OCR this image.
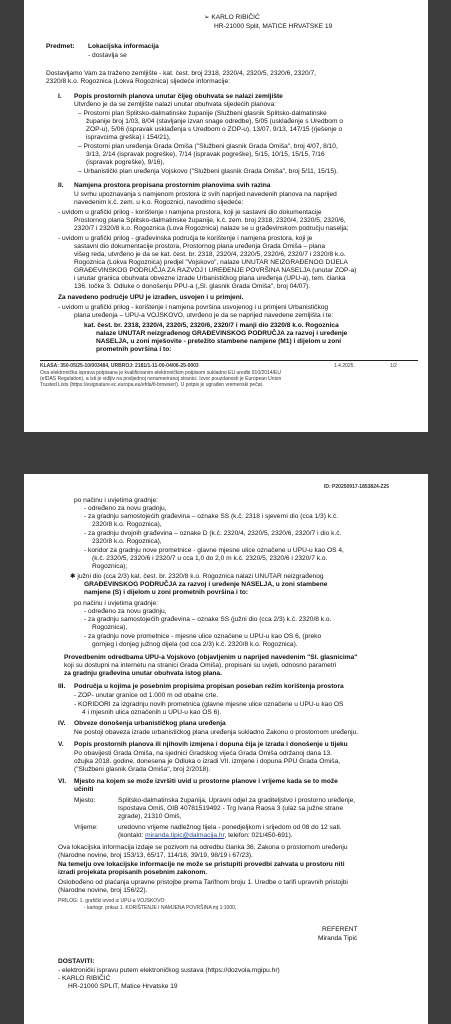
➢ KARLO RIBIČIĆ
HR-21000 Split, MATICE HRVATSKE 19
Predmet: Lokacijska informacija
- dostavlja se
Dostavljamo Vam za traženo zemljište - kat. čest. broj 2318, 2320/4, 2320/5, 2320/6, 2320/7,
2320/8 k.o. Rogoznica (Lokva Rogoznica) sljedeće informacije:
I. Popis prostornih planova unutar čijeg obuhvata se nalazi zemljište
Utvrđeno je da se zemljište nalazi unutar obuhvata sljedećih planova:
– Prostorni plan Splitsko-dalmatinske županije (Službeni glasnik Splitsko-dalmatinske
županije broj 1/03, 8/04 (stavljanje izvan snage odredbe), 5/05 (usklađenje s Uredbom o
ZOP-u), 5/06 (ispravak usklađenja s Uredbom o ZOP-u), 13/07, 9/13, 147/15 (rješenje o
ispravcima greška) i 154/21),
– Prostorni plan uređenja Grada Omiša ("Službeni glasnik Grada Omiša", broj 4/07, 8/10,
3/13, 2/14 (ispravak pogreške), 7/14 (ispravak pogreške), 5/15, 10/15, 15/15, 7/16
(ispravak pogreške), 9/16),
– Urbanistički plan uređenja Vojskovo ("Službeni glasnik Grada Omiša", broj 5/11, 15/15).
II. Namjena prostora propisana prostornim planovima svih razina
U svrhu upoznavanja s namjenom prostora iz svih naprijed navedenih planova na naprijed
navedenim k.č. zem. u k.o. Rogoznici, navodimo sljedeće:
- uvidom u grafički prilog - korištenje i namjena prostora, koji je sastavni dio dokumentacije
Prostornog plana Splitsko-dalmatinske županije, k.č. zem. broj 2318, 2320/4, 2320/5, 2320/6,
2320/7 i 2320/8 k.o. Rogoznica (Lova Rogoznica) nalaze se u građevinskom području naselja;
- uvidom u grafički prilog - građevinska područja te korištenje i namjena prostora, koji je
sastavni dio dokumentacije prostora, Prostornog plana uređenja Grada Omiša – plana
višeg reda, utvrđeno je da se kat. čest. br. 2318, 2320/4, 2320/5, 2320/6, 2320/7 i 2320/8 k.o.
Rogoznica (Lokva Rogoznica) predjel "Vojskovo", nalaze UNUTAR NEIZGRAĐENOG DIJELA
GRAĐEVINSKOG PODRUČJA ZA RAZVOJ I UREĐENJE POVRŠINA NASELJA (unutar ZOP-a)
i unutar granica obuhvata obvezne izrade Urbanističkog plana uređenja (UPU-a), tem. članka
136. točke 3. Odluke o donošenju PPU-a („Sl. glasnik Grada Omiša", broj 04/07).
Za navedeno područje UPU je izrađen, usvojen i u primjeni.
- uvidom u grafički prilog - korištenje i namjena površina usvojenog i u primjeni Urbanističkog
plana uređenja – UPU-a VOJSKOVO, utvrđeno je da se naprijed navedene zemljišta i te:
kat. čest. br. 2318, 2320/4, 2320/5, 2320/6, 2320/7 i manji dio 2320/8 k.o. Rogoznica
nalaze UNUTAR neizgrađenog GRAĐEVINSKOG PODRUČJA za razvoj i uređenje
NASELJA, u zoni mješovite - pretežito stambene namjene (M1) i dijelom u zoni
prometnih površina i to:
KLASA: 350-05/25-10/003484, URBROJ: 2181/1-11-00-04/06-25-0003	1.4.2025.	1/2
Ova elektronička isprava potpisana je kvalificiranim elektroničkim potpisom sukladno EU uredbi 910/2014/EU
(eIDAS Regulation), a isti je vidljiv na posljednoj nenumeriranoj stranici. Izvor pouzdanosti je European Union
Trusted Lists (https://esignature.ec.europa.eu/efda/tl-browser/). U potpis je ugrađen vremenski pečat.
ID: P20250917-1853824-Z25
po načinu i uvjetima gradnje:
- određeno za novu gradnju,
- za gradnju samostojećih građevina – oznake SS (k.č. 2318 i sjeverni dio (cca 1/3) k.č.
2320/8 k.o. Rogoznica),
- za gradnju dvojnih građevina – oznake D (k.č. 2320/4, 2320/5, 2320/6, 2320/7 i dio k.č.
2320/8 k.o. Rogoznica),
- koridor za gradnju nove prometnice - glavne mjesne ulice označene u UPU-u kao OS 4,
(k.č. 2320/5, 2320/6 i 2320/7 u cca 1,0 do 2,0 m k.č. 2320/5, 2320/6 i 2320/7 k.o.
Rogoznica);
✱ južni dio (cca 2/3) kat. čest. br. 2320/8 k.o. Rogoznica nalazi UNUTAR neizgrađenog
GRAĐEVINSKOG PODRUČJA za razvoj i uređenje NASELJA, u zoni stambene
namjene (S) i dijelom u zoni prometnih površina i to:
po načinu i uvjetima gradnje:
- određeno za novu gradnju,
- za gradnju samostojećih građevina – oznake SS (južni dio (cca 2/3) k.č. 2320/8 k.o.
Rogoznica),
- za gradnju nove prometnice - mjesne ulice označene u UPU-u kao OS 6, (preko
gornjeg i donjeg južnog dijela (od cca 2/3) k.č. 2320/8 k.o. Rogoznica).
Provedbenim odredbama UPU-a Vojskovo (objavljenim u naprijed navedenim "Sl. glasnicima"
koji su dostupni na internetu na stranici Grada Omiša), propisani su uvjeti, odnosno parametri
za gradnju građevina unutar obuhvata istog plana.
III. Područja u kojima je posebnim propisima propisan poseban režim korištenja prostora
- ZOP- unutar granice od 1.000 m od obalne crte.
- KORIDORI za izgradnju novih prometnica (glavne mjesne ulice označene u UPU-u kao OS
4 i mjesnih ulica označenih u UPU-u kao OS 6).
IV. Obveze donošenja urbanističkog plana uređenja
Ne postoji obaveza izrade urbanističkog plana uređenja sukladno Zakonu o prostornom uređenju.
V. Popis prostornih planova ili njihovih izmjena i dopuna čija je izrada i donošenje u tijeku
Po obavijesti Grada Omiša, na sjednici Gradskog vijeća Grada Omiša održanoj dana 13.
ožujka 2018. godine, donesena je Odluka o izradi VII. izmjene i dopuna PPU Grada Omiša,
("Službeni glasnik Grada Omiša", broj 2/2018).
VI. Mjesto na kojem se može izvršiti uvid u prostorne planove i vrijeme kada se to može
učiniti
Mjesto:	Splitsko-dalmatinska županija, Upravni odjel za graditeljstvo i prostorno uređenje,
Ispostava Omiš, OIB 40781519492 - Trg Ivana Raosa 3 (ulaz sa južne strane
zgrade), 21310 Omiš,
Vrijeme:	uredovno vrijeme nadležnog tijela - ponedjeljkom i srijedom od 08 do 12 sati.
(kontakt: miranda.tipic@dalmacija.hr, telefon: 021/450-691).
Ova lokacijska informacija izdaje se pozivom na odredbu članka 36. Zakona o prostornom uređenju
(Narodne novine, broj 153/13, 65/17, 114/18, 39/19, 98/19 i 67/23).
Na temelju ove lokacijske informacije ne može se pristupiti provedbi zahvata u prostoru niti
izradi projekata propisanih posebnim zakonom.
Oslobođeno od plaćanja upravne pristojbe prema Tarifnom broju 1. Uredbe o tarifi upravnih pristojbi
(Narodne novine, broj 156/22).
PRILOG: 1. grafički izvod iz UPU-a VOJSKOVO:
- kartogr. prikaz 1. KORIŠTENJE I NAMJENA POVRŠINA mj 1:1000,
REFERENT
Miranda Tipić
DOSTAVITI:
- elektronički ispravu putem elektroničkog sustava (https://dozvola.mgipu.hr)
- KARLO RIBIČIĆ
HR-21000 SPLIT, Matice Hrvatske 19
